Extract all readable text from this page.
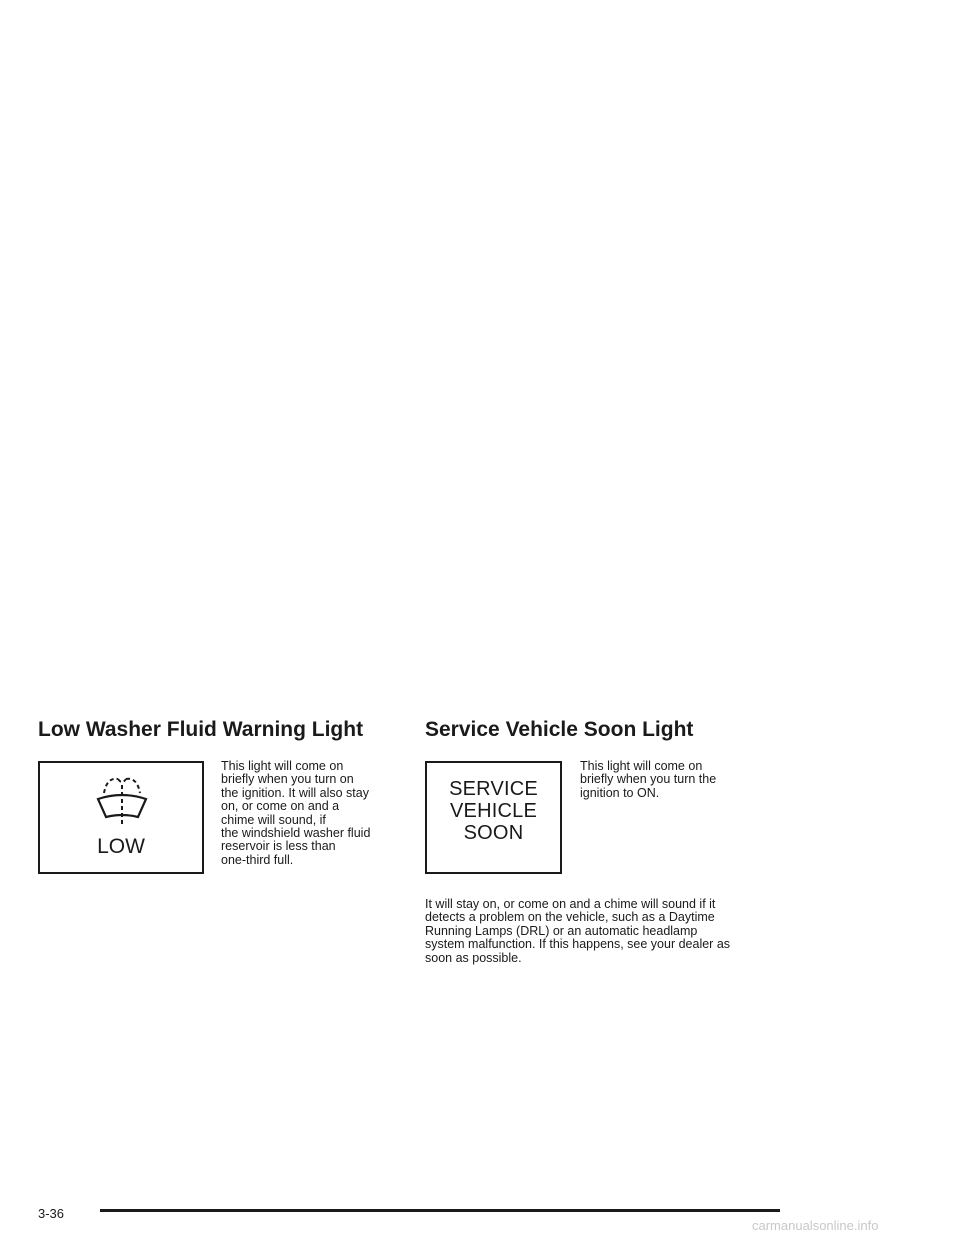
Low Washer Fluid Warning Light
LOW

This light will come on
briefly when you turn on
the ignition. It will also stay
on, or come on and a
chime will sound, if
the windshield washer fluid
reservoir is less than
one-third full.

Service Vehicle Soon Light
SERVICE
VEHICLE
SOON

This light will come on
briefly when you turn the
ignition to ON.

It will stay on, or come on and a chime will sound if it
detects a problem on the vehicle, such as a Daytime
Running Lamps (DRL) or an automatic headlamp
system malfunction. If this happens, see your dealer as
soon as possible.

3-36
carmanualsonline.info
